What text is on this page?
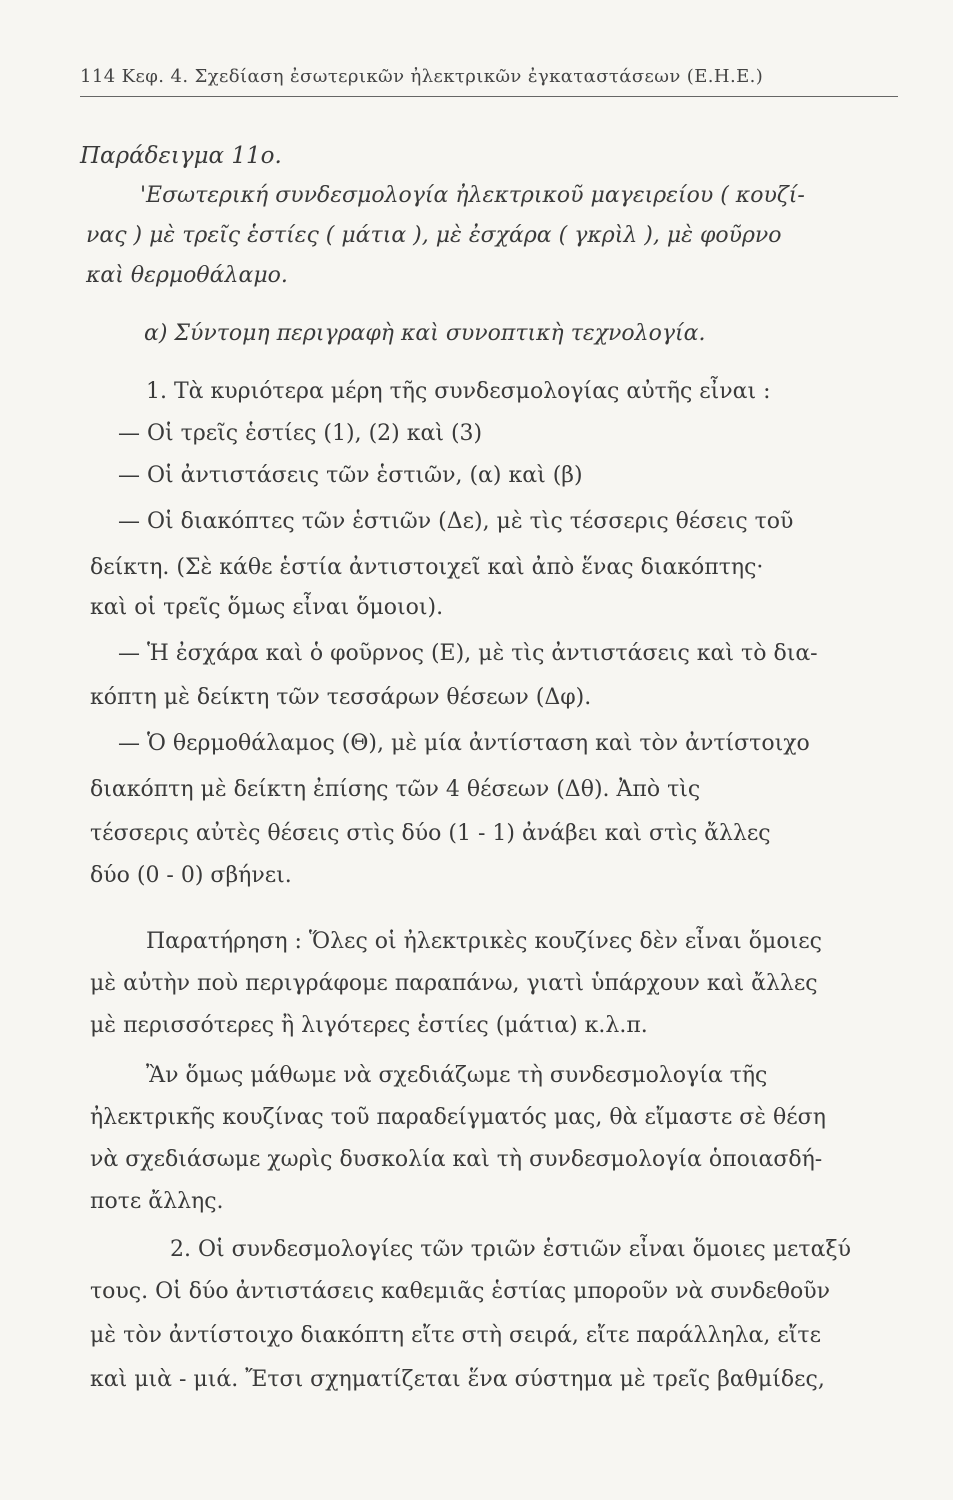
114 Κεφ. 4. Σχεδίαση ἐσωτερικῶν ἠλεκτρικῶν ἐγκαταστάσεων (Ε.Η.Ε.)
Παράδειγμα 11ο.
'Εσωτερική συνδεσμολογία ἠλεκτρικοῦ μαγειρείου ( κουζί-
νας ) μὲ τρεῖς ἑστίες ( μάτια ), μὲ ἐσχάρα ( γκρὶλ ), μὲ φοῦρνο
καὶ θερμοθάλαμο.
α) Σύντομη περιγραφὴ καὶ συνοπτικὴ τεχνολογία.
1. Τὰ κυριότερα μέρη τῆς συνδεσμολογίας αὐτῆς εἶναι :
— Οἱ τρεῖς ἑστίες (1), (2) καὶ (3)
— Οἱ ἀντιστάσεις τῶν ἑστιῶν, (α) καὶ (β)
— Οἱ διακόπτες τῶν ἑστιῶν (Δε), μὲ τὶς τέσσερις θέσεις τοῦ
δείκτη. (Σὲ κάθε ἑστία ἀντιστοιχεῖ καὶ ἀπὸ ἕνας διακόπτης·
καὶ οἱ τρεῖς ὅμως εἶναι ὅμοιοι).
— Ἡ ἐσχάρα καὶ ὁ φοῦρνος (Ε), μὲ τὶς ἀντιστάσεις καὶ τὸ δια-
κόπτη μὲ δείκτη τῶν τεσσάρων θέσεων (Δφ).
— Ὁ θερμοθάλαμος (Θ), μὲ μία ἀντίσταση καὶ τὸν ἀντίστοιχο
διακόπτη μὲ δείκτη ἐπίσης τῶν 4 θέσεων (Δθ). Ἀπὸ τὶς
τέσσερις αὐτὲς θέσεις στὶς δύο (1 - 1) ἀνάβει καὶ στὶς ἄλλες
δύο (0 - 0) σβήνει.
Παρατήρηση : Ὅλες οἱ ἠλεκτρικὲς κουζίνες δὲν εἶναι ὅμοιες
μὲ αὐτὴν ποὺ περιγράφομε παραπάνω, γιατὶ ὑπάρχουν καὶ ἄλλες
μὲ περισσότερες ἢ λιγότερες ἑστίες (μάτια) κ.λ.π.
Ἂν ὅμως μάθωμε νὰ σχεδιάζωμε τὴ συνδεσμολογία τῆς
ἠλεκτρικῆς κουζίνας τοῦ παραδείγματός μας, θὰ εἴμαστε σὲ θέση
νὰ σχεδιάσωμε χωρὶς δυσκολία καὶ τὴ συνδεσμολογία ὁποιασδή-
ποτε ἄλλης.
2. Οἱ συνδεσμολογίες τῶν τριῶν ἑστιῶν εἶναι ὅμοιες μεταξύ
τους. Οἱ δύο ἀντιστάσεις καθεμιᾶς ἑστίας μποροῦν νὰ συνδεθοῦν
μὲ τὸν ἀντίστοιχο διακόπτη εἴτε στὴ σειρά, εἴτε παράλληλα, εἴτε
καὶ μιὰ - μιά. Ἔτσι σχηματίζεται ἕνα σύστημα μὲ τρεῖς βαθμίδες,
